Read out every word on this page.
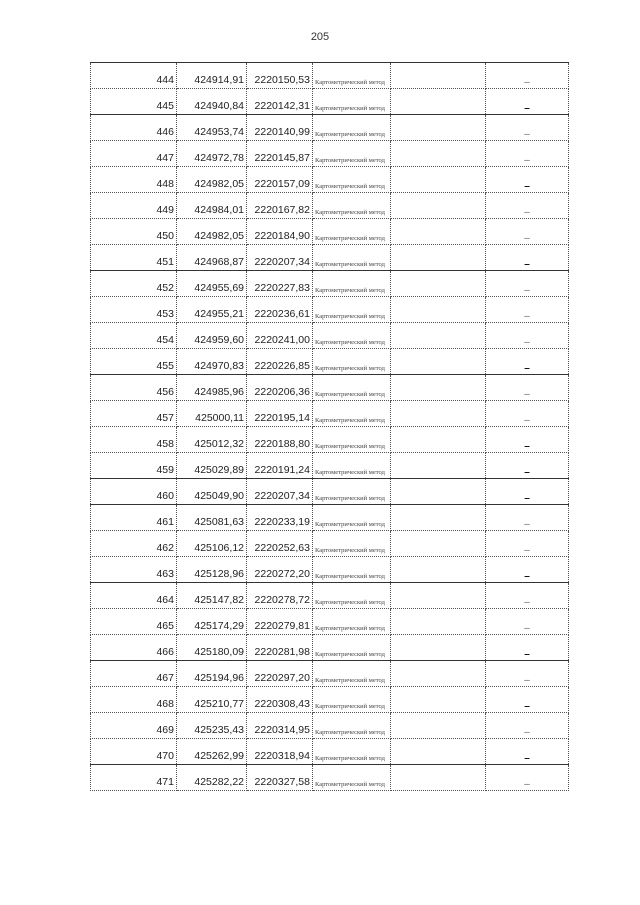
205
444	424914,91	2220150,53	Картометрический метод		–
445	424940,84	2220142,31	Картометрический метод		–
446	424953,74	2220140,99	Картометрический метод		–
447	424972,78	2220145,87	Картометрический метод		–
448	424982,05	2220157,09	Картометрический метод		–
449	424984,01	2220167,82	Картометрический метод		–
450	424982,05	2220184,90	Картометрический метод		–
451	424968,87	2220207,34	Картометрический метод		–
452	424955,69	2220227,83	Картометрический метод		–
453	424955,21	2220236,61	Картометрический метод		–
454	424959,60	2220241,00	Картометрический метод		–
455	424970,83	2220226,85	Картометрический метод		–
456	424985,96	2220206,36	Картометрический метод		–
457	425000,11	2220195,14	Картометрический метод		–
458	425012,32	2220188,80	Картометрический метод		–
459	425029,89	2220191,24	Картометрический метод		–
460	425049,90	2220207,34	Картометрический метод		–
461	425081,63	2220233,19	Картометрический метод		–
462	425106,12	2220252,63	Картометрический метод		–
463	425128,96	2220272,20	Картометрический метод		–
464	425147,82	2220278,72	Картометрический метод		–
465	425174,29	2220279,81	Картометрический метод		–
466	425180,09	2220281,98	Картометрический метод		–
467	425194,96	2220297,20	Картометрический метод		–
468	425210,77	2220308,43	Картометрический метод		–
469	425235,43	2220314,95	Картометрический метод		–
470	425262,99	2220318,94	Картометрический метод		–
471	425282,22	2220327,58	Картометрический метод		–
